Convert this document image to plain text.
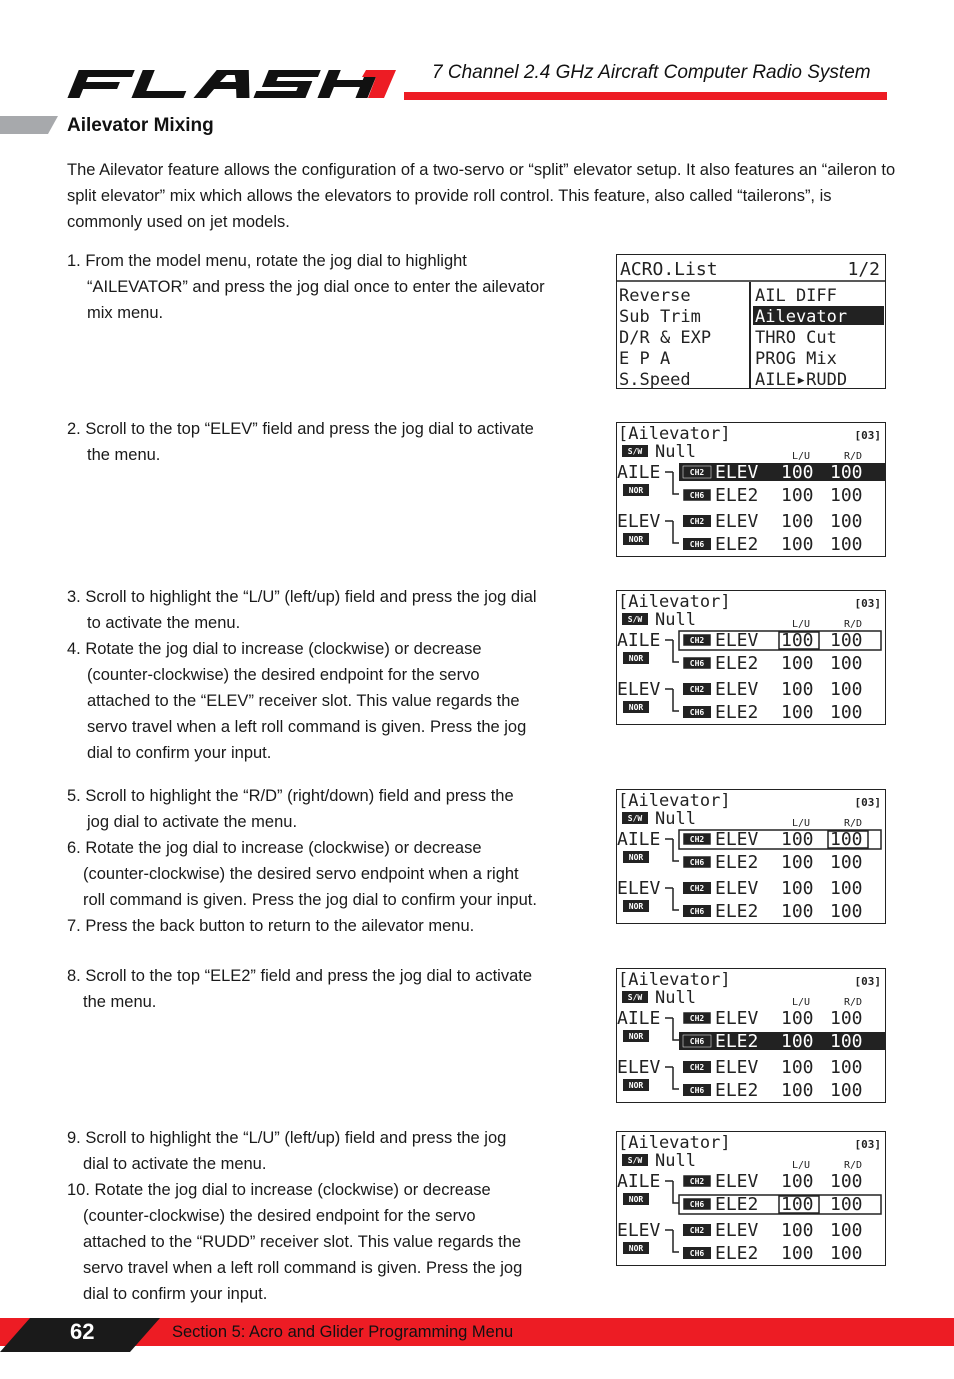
7 Channel 2.4 GHz Aircraft Computer Radio System
Ailevator Mixing

The Ailevator feature allows the configuration of a two-servo or “split” elevator setup. It also features an “aileron to split elevator” mix which allows the elevators to provide roll control. This feature, also called “tailerons”, is commonly used on jet models.

1. From the model menu, rotate the jog dial to highlight
“AILEVATOR” and press the jog dial once to enter the ailevator
mix menu.
2. Scroll to the top “ELEV” field and press the jog dial to activate
the menu.
3. Scroll to highlight the “L/U” (left/up) field and press the jog dial
to activate the menu.
4. Rotate the jog dial to increase (clockwise) or decrease
(counter-clockwise) the desired endpoint for the servo
attached to the “ELEV” receiver slot. This value regards the
servo travel when a left roll command is given. Press the jog
dial to confirm your input.
5. Scroll to highlight the “R/D” (right/down) field and press the
jog dial to activate the menu.
6. Rotate the jog dial to increase (clockwise) or decrease
(counter-clockwise) the desired servo endpoint when a right
roll command is given. Press the jog dial to confirm your input.
7. Press the back button to return to the ailevator menu.
8. Scroll to the top “ELE2” field and press the jog dial to activate
the menu.
9. Scroll to highlight the “L/U” (left/up) field and press the jog
dial to activate the menu.
10. Rotate the jog dial to increase (clockwise) or decrease
(counter-clockwise) the desired endpoint for the servo
attached to the “RUDD” receiver slot. This value regards the
servo travel when a left roll command is given. Press the jog
dial to confirm your input.
ACRO.List	1/2
Reverse
Sub Trim
D/R & EXP
E P A
S.Speed
AIL DIFF
Ailevator
THRO Cut
PROG Mix
AILE▸RUDD
[Ailevator]	[03]
S/W Null	L/U	R/D
AILE
NOR
CH2 ELEV 100 100
CH6 ELE2 100 100
ELEV
NOR
CH2 ELEV 100 100
CH6 ELE2 100 100
[Ailevator]	[03]
S/W Null	L/U	R/D
AILE
NOR
CH2 ELEV 100 100
CH6 ELE2 100 100
ELEV
NOR
CH2 ELEV 100 100
CH6 ELE2 100 100
[Ailevator]	[03]
S/W Null	L/U	R/D
AILE
NOR
CH2 ELEV 100 100
CH6 ELE2 100 100
ELEV
NOR
CH2 ELEV 100 100
CH6 ELE2 100 100
[Ailevator]	[03]
S/W Null	L/U	R/D
AILE
NOR
CH2 ELEV 100 100
CH6 ELE2 100 100
ELEV
NOR
CH2 ELEV 100 100
CH6 ELE2 100 100
[Ailevator]	[03]
S/W Null	L/U	R/D
AILE
NOR
CH2 ELEV 100 100
CH6 ELE2 100 100
ELEV
NOR
CH2 ELEV 100 100
CH6 ELE2 100 100
62	Section 5: Acro and Glider Programming Menu
